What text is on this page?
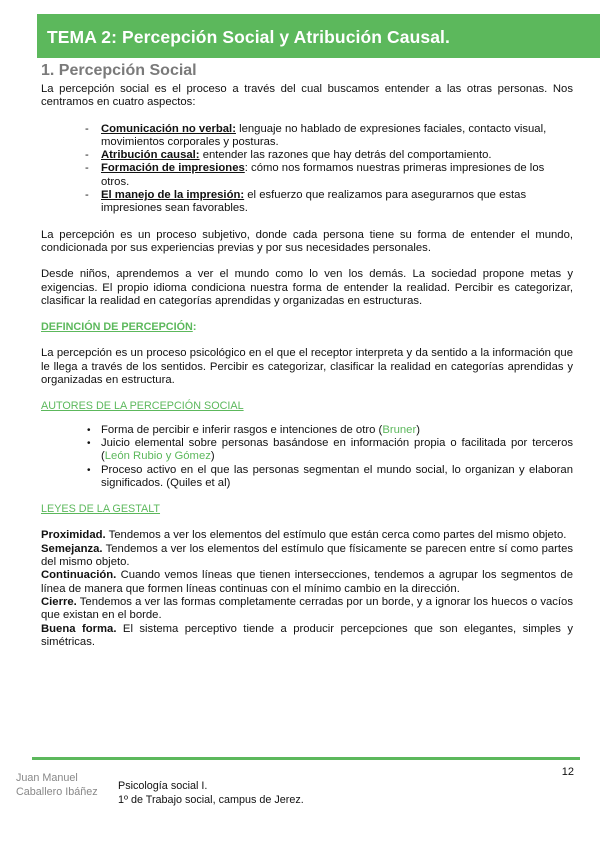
TEMA 2: Percepción Social y Atribución Causal.
1. Percepción Social

La percepción social es el proceso a través del cual buscamos entender a las otras personas. Nos centramos en cuatro aspectos:

- Comunicación no verbal: lenguaje no hablado de expresiones faciales, contacto visual, movimientos corporales y posturas.
- Atribución causal: entender las razones que hay detrás del comportamiento.
- Formación de impresiones: cómo nos formamos nuestras primeras impresiones de los otros.
- El manejo de la impresión: el esfuerzo que realizamos para asegurarnos que estas impresiones sean favorables.

La percepción es un proceso subjetivo, donde cada persona tiene su forma de entender el mundo, condicionada por sus experiencias previas y por sus necesidades personales.

Desde niños, aprendemos a ver el mundo como lo ven los demás. La sociedad propone metas y exigencias. El propio idioma condiciona nuestra forma de entender la realidad. Percibir es categorizar, clasificar la realidad en categorías aprendidas y organizadas en estructuras.

DEFINCIÓN DE PERCEPCIÓN:

La percepción es un proceso psicológico en el que el receptor interpreta y da sentido a la información que le llega a través de los sentidos. Percibir es categorizar, clasificar la realidad en categorías aprendidas y organizadas en estructura.

AUTORES DE LA PERCEPCIÓN SOCIAL

• Forma de percibir e inferir rasgos e intenciones de otro (Bruner)
• Juicio elemental sobre personas basándose en información propia o facilitada por terceros (León Rubio y Gómez)
• Proceso activo en el que las personas segmentan el mundo social, lo organizan y elaboran significados. (Quiles et al)

LEYES DE LA GESTALT

Proximidad. Tendemos a ver los elementos del estímulo que están cerca como partes del mismo objeto.

Semejanza. Tendemos a ver los elementos del estímulo que físicamente se parecen entre sí como partes del mismo objeto.

Continuación. Cuando vemos líneas que tienen intersecciones, tendemos a agrupar los segmentos de línea de manera que formen líneas continuas con el mínimo cambio en la dirección.

Cierre. Tendemos a ver las formas completamente cerradas por un borde, y a ignorar los huecos o vacíos que existan en el borde.

Buena forma. El sistema perceptivo tiende a producir percepciones que son elegantes, simples y simétricas.

Juan Manuel Caballero Ibáñez	Psicología social I.
1º de Trabajo social, campus de Jerez.
12
